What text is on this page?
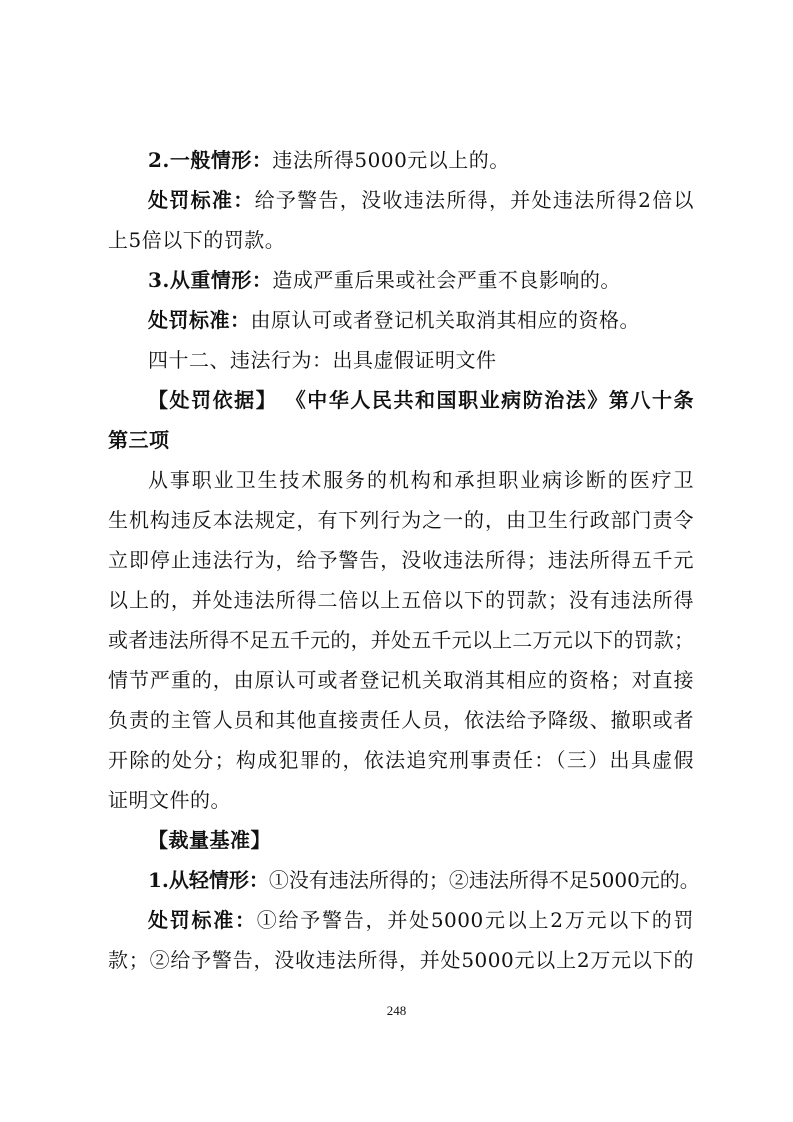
2.一般情形：违法所得5000元以上的。
处罚标准：给予警告，没收违法所得，并处违法所得2倍以
上5倍以下的罚款。
3.从重情形：造成严重后果或社会严重不良影响的。
处罚标准：由原认可或者登记机关取消其相应的资格。
四十二、违法行为：出具虚假证明文件
【处罚依据】 《中华人民共和国职业病防治法》第八十条
第三项
从事职业卫生技术服务的机构和承担职业病诊断的医疗卫
生机构违反本法规定，有下列行为之一的，由卫生行政部门责令
立即停止违法行为，给予警告，没收违法所得；违法所得五千元
以上的，并处违法所得二倍以上五倍以下的罚款；没有违法所得
或者违法所得不足五千元的，并处五千元以上二万元以下的罚款；
情节严重的，由原认可或者登记机关取消其相应的资格；对直接
负责的主管人员和其他直接责任人员，依法给予降级、撤职或者
开除的处分；构成犯罪的，依法追究刑事责任：（三）出具虚假
证明文件的。
【裁量基准】
1.从轻情形：①没有违法所得的；②违法所得不足5000元的。
处罚标准：①给予警告，并处5000元以上2万元以下的罚
款；②给予警告，没收违法所得，并处5000元以上2万元以下的
248
